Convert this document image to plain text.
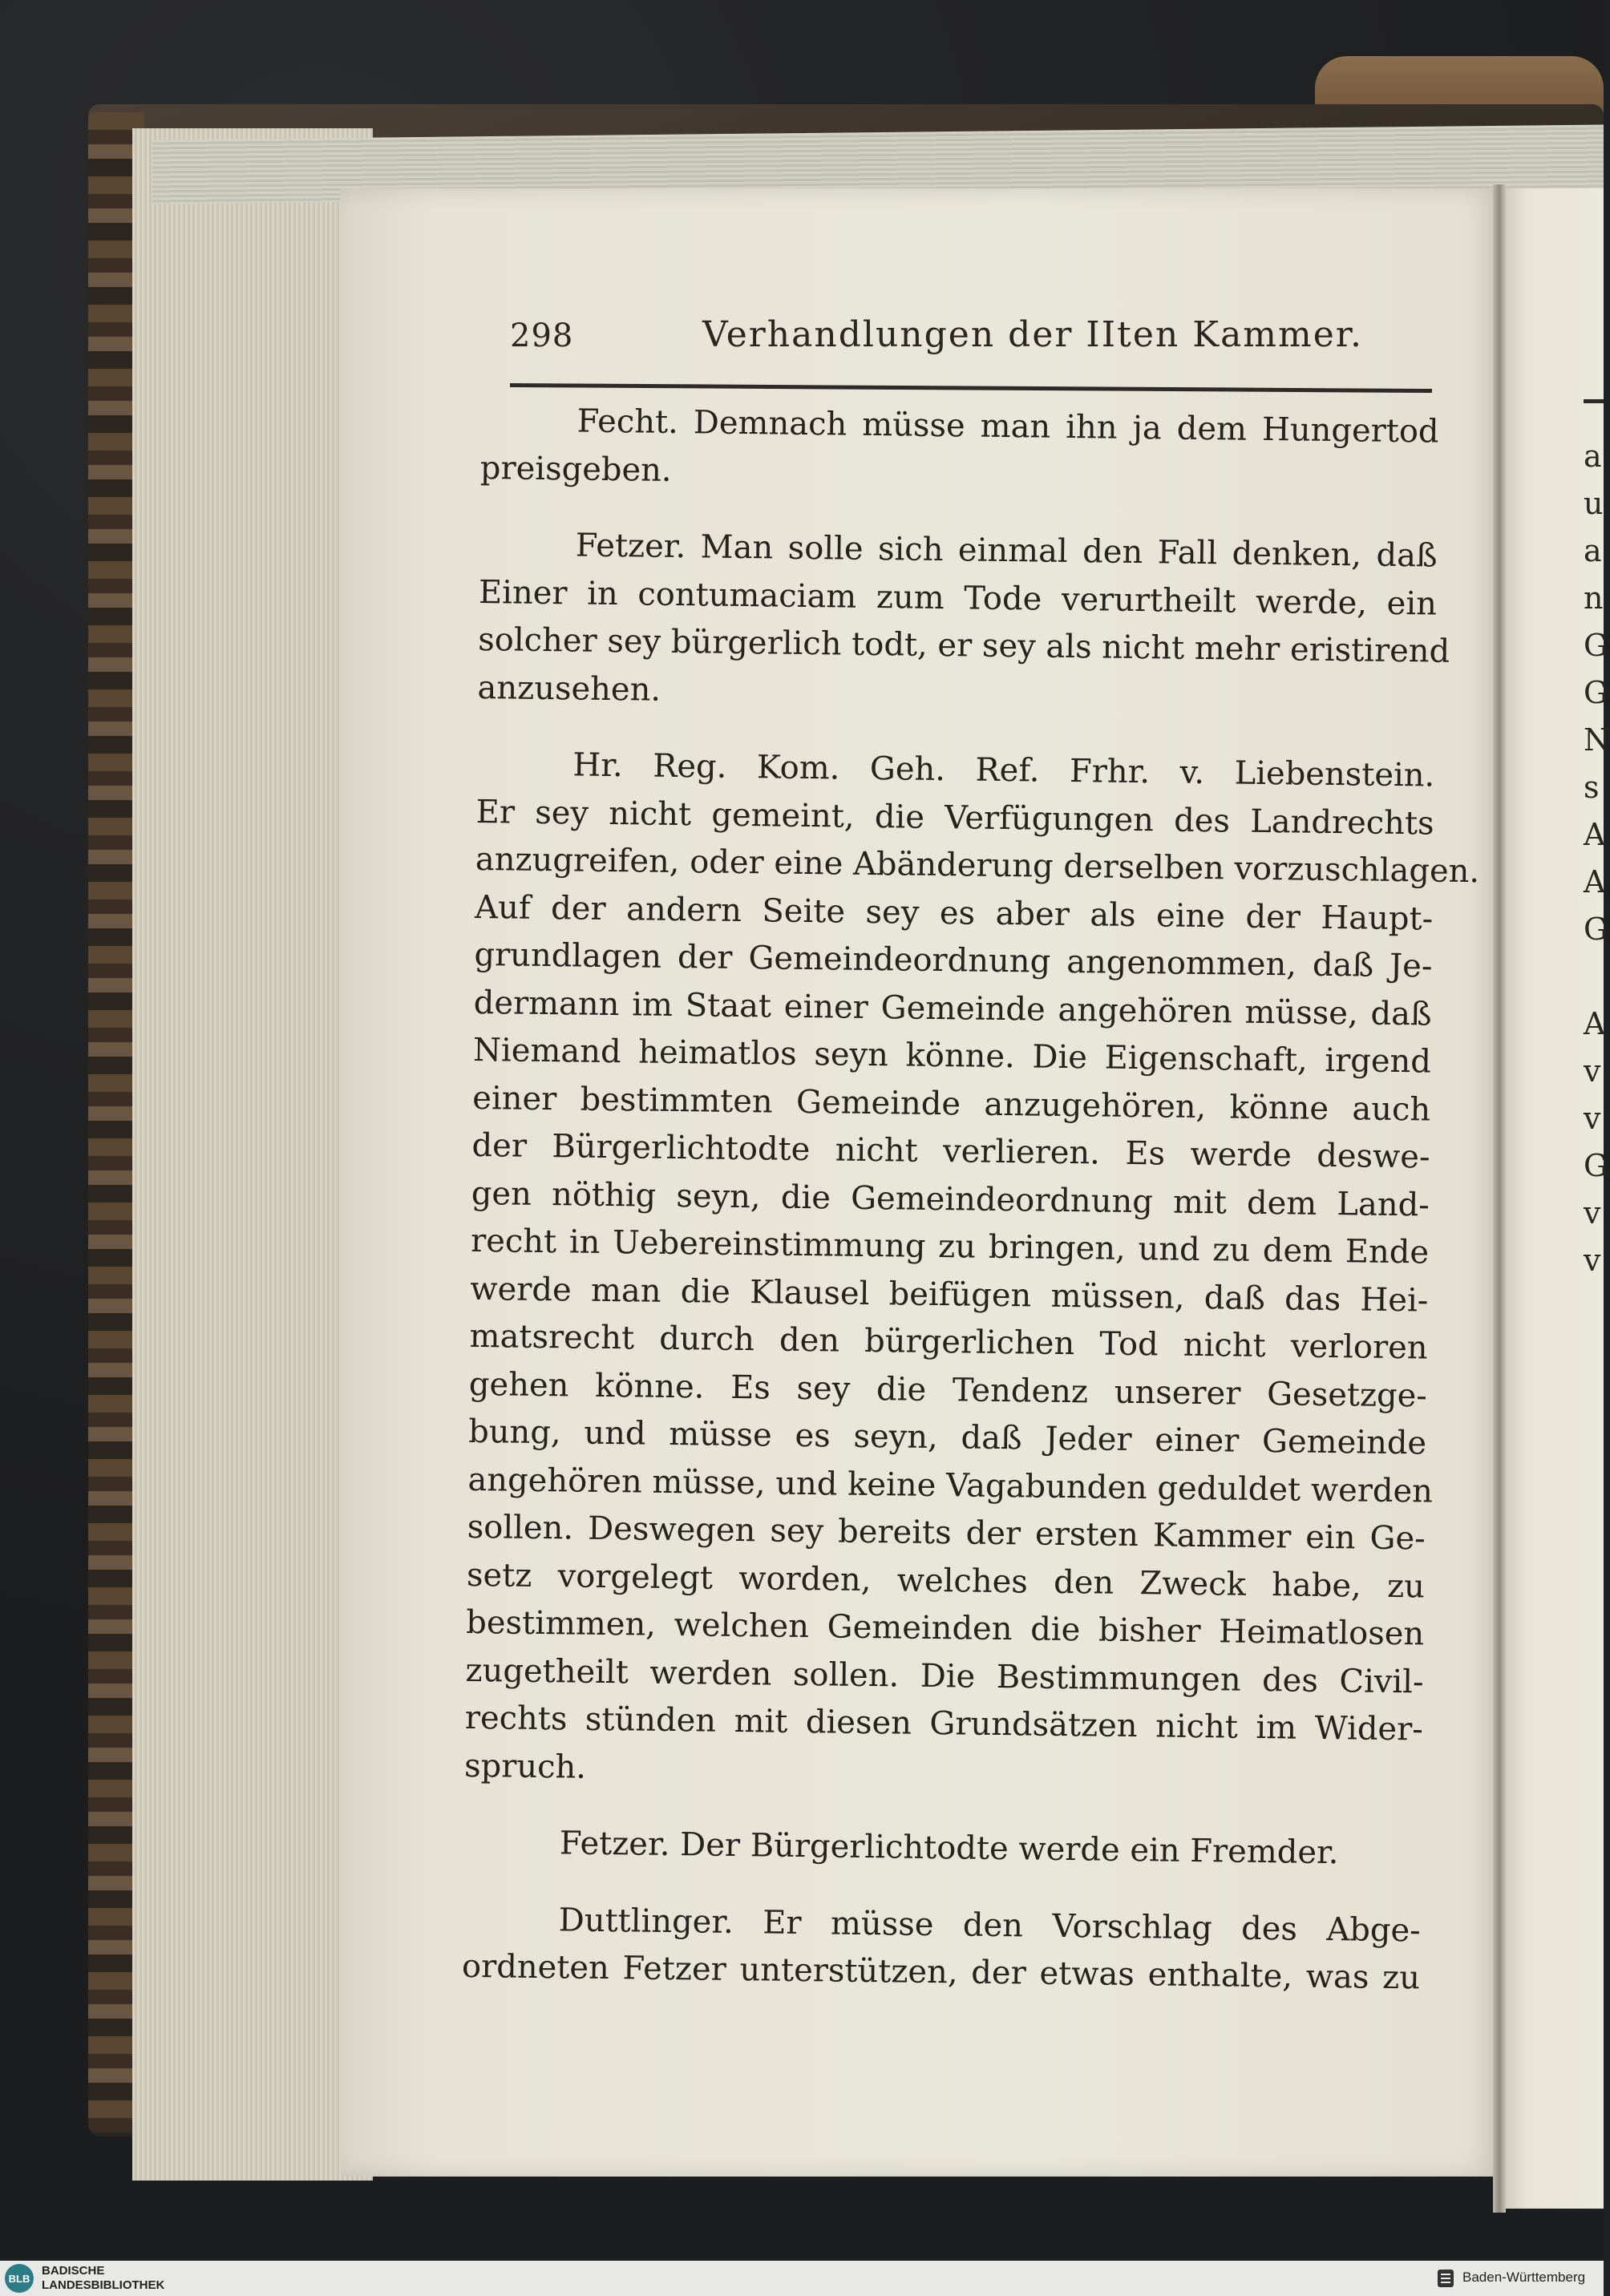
298	Verhandlungen der IIten Kammer.
Fecht. Demnach müsse man ihn ja dem Hungertod
preisgeben.
Fetzer. Man solle sich einmal den Fall denken, daß
Einer in contumaciam zum Tode verurtheilt werde, ein
solcher sey bürgerlich todt, er sey als nicht mehr eristirend
anzusehen.
Hr. Reg. Kom. Geh. Ref. Frhr. v. Liebenstein.
Er sey nicht gemeint, die Verfügungen des Landrechts
anzugreifen, oder eine Abänderung derselben vorzuschlagen.
Auf der andern Seite sey es aber als eine der Haupt-
grundlagen der Gemeindeordnung angenommen, daß Je-
dermann im Staat einer Gemeinde angehören müsse, daß
Niemand heimatlos seyn könne. Die Eigenschaft, irgend
einer bestimmten Gemeinde anzugehören, könne auch
der Bürgerlichtodte nicht verlieren. Es werde deswe-
gen nöthig seyn, die Gemeindeordnung mit dem Land-
recht in Uebereinstimmung zu bringen, und zu dem Ende
werde man die Klausel beifügen müssen, daß das Hei-
matsrecht durch den bürgerlichen Tod nicht verloren
gehen könne. Es sey die Tendenz unserer Gesetzge-
bung, und müsse es seyn, daß Jeder einer Gemeinde
angehören müsse, und keine Vagabunden geduldet werden
sollen. Deswegen sey bereits der ersten Kammer ein Ge-
setz vorgelegt worden, welches den Zweck habe, zu
bestimmen, welchen Gemeinden die bisher Heimatlosen
zugetheilt werden sollen. Die Bestimmungen des Civil-
rechts stünden mit diesen Grundsätzen nicht im Wider-
spruch.
Fetzer. Der Bürgerlichtodte werde ein Fremder.
Duttlinger. Er müsse den Vorschlag des Abge-
ordneten Fetzer unterstützen, der etwas enthalte, was zu
a
u
a
n
G
G
N
s
A
A
G

A
v
v
G
v
v
BLB
BADISCHE
LANDESBIBLIOTHEK
Baden-Württemberg
